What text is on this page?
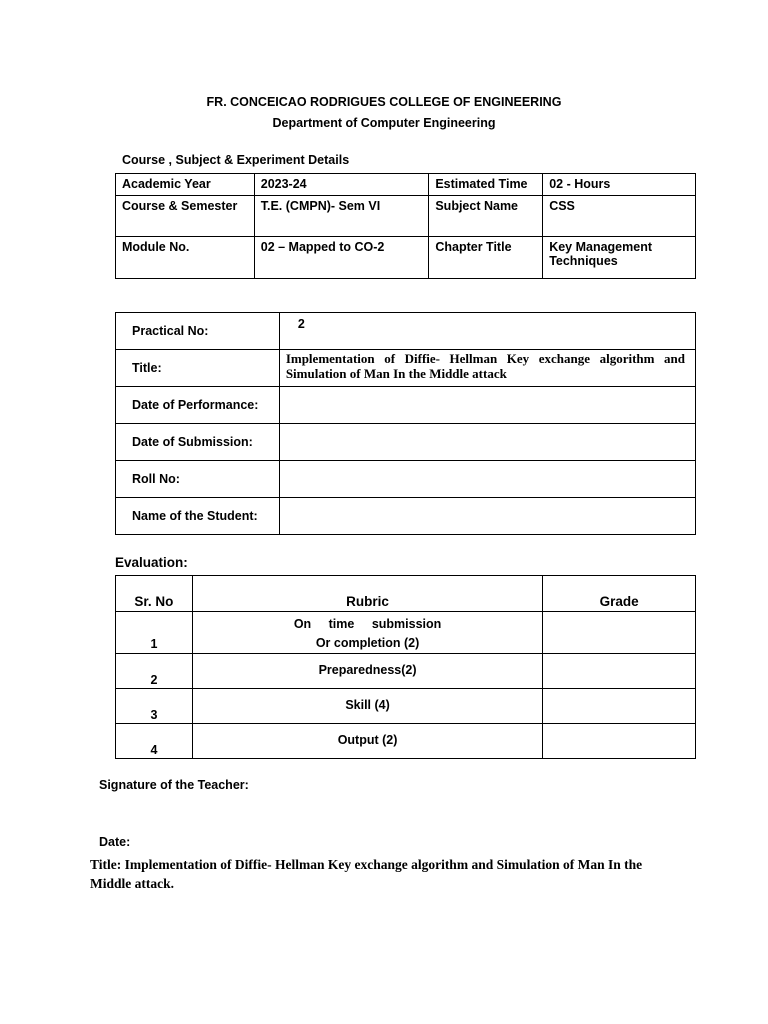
FR. CONCEICAO RODRIGUES COLLEGE OF ENGINEERING
Department of Computer Engineering
Course , Subject & Experiment Details
Academic Year	2023-24	Estimated Time	02 - Hours
Course & Semester	T.E. (CMPN)- Sem VI	Subject Name	CSS
Module No.	02 – Mapped to CO-2	Chapter Title	Key Management
Techniques
Practical No:	2
Title:	Implementation of Diffie- Hellman Key exchange algorithm and
Simulation of Man In the Middle attack

Date of Performance:	
Date of Submission:	
Roll No:	
Name of the Student:	
Evaluation:
Sr. No	Rubric	Grade
1	On time submission
Or completion (2)	

2	Preparedness(2)	
3	Skill (4)	
4	Output (2)	
Signature of the Teacher:
Date:
Title: Implementation of Diffie- Hellman Key exchange algorithm and Simulation of Man In the
Middle attack.
